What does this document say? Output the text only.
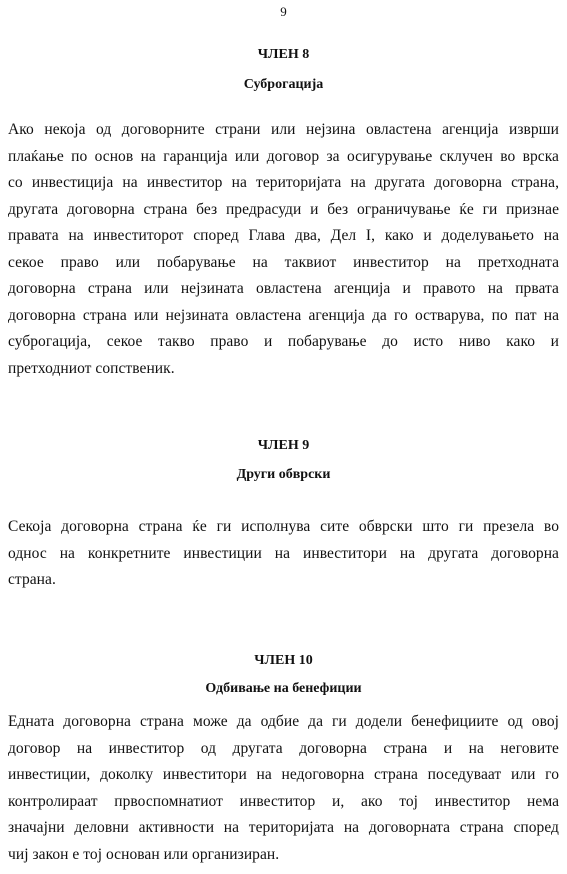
9
ЧЛЕН 8
Суброгација
Ако некоја од договорните страни или нејзина овластена агенција изврши
плаќање по основ на гаранција или договор за осигурување склучен во врска
со инвестиција на инвеститор на територијата на другата договорна страна,
другата договорна страна без предрасуди и без ограничување ќе ги признае
правата на инвеститорот според Глава два, Дел I, како и доделувањето на
секое право или побарување на таквиот инвеститор на претходната
договорна страна или нејзината овластена агенција и правото на првата
договорна страна или нејзината овластена агенција да го остварува, по пат на
суброгација, секое такво право и побарување до исто ниво како и
претходниот сопственик.
ЧЛЕН 9
Други обврски
Секоја договорна страна ќе ги исполнува сите обврски што ги презела во
однос на конкретните инвестиции на инвеститори на другата договорна
страна.
ЧЛЕН 10
Одбивање на бенефиции
Едната договорна страна може да одбие да ги додели бенефициите од овој
договор на инвеститор од другата договорна страна и на неговите
инвестиции, доколку инвеститори на недоговорна страна поседуваат или го
контролираат првоспомнатиот инвеститор и, ако тој инвеститор нема
значајни деловни активности на територијата на договорната страна според
чиј закон е тој основан или организиран.
